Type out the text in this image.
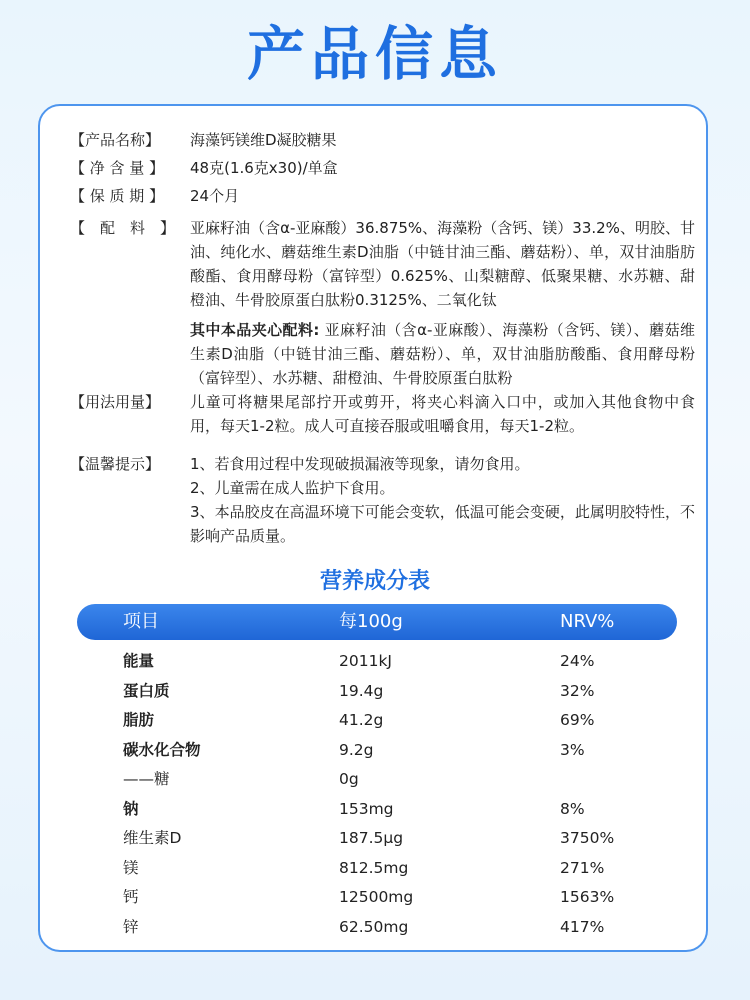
产品信息
【产品名称】	海藻钙镁维D凝胶糖果
【 净 含 量 】	48克(1.6克x30)/单盒
【 保 质 期 】	24个月
【　配　料　】 亚麻籽油（含α-亚麻酸）36.875%、海藻粉（含钙、镁）33.2%、明胶、甘油、纯化水、蘑菇维生素D油脂（中链甘油三酯、蘑菇粉）、单，双甘油脂肪酸酯、食用酵母粉（富锌型）0.625%、山梨糖醇、低聚果糖、水苏糖、甜橙油、牛骨胶原蛋白肽粉0.3125%、二氧化钛

其中本品夹心配料: 亚麻籽油（含α-亚麻酸）、海藻粉（含钙、镁）、蘑菇维生素D油脂（中链甘油三酯、蘑菇粉）、单，双甘油脂肪酸酯、食用酵母粉（富锌型）、水苏糖、甜橙油、牛骨胶原蛋白肽粉

【用法用量】	儿童可将糖果尾部拧开或剪开，将夹心料滴入口中，或加入其他食物中食用，每天1-2粒。成人可直接吞服或咀嚼食用，每天1-2粒。
【温馨提示】	1、若食用过程中发现破损漏液等现象，请勿食用。

2、儿童需在成人监护下食用。

3、本品胶皮在高温环境下可能会变软，低温可能会变硬，此属明胶特性，不影响产品质量。

营养成分表
项目	每100g	NRV%
能量	2011kJ	24%
蛋白质	19.4g	32%
脂肪	41.2g	69%
碳水化合物	9.2g	3%
——糖	0g
钠	153mg	8%
维生素D	187.5μg	3750%
镁	812.5mg	271%
钙	12500mg	1563%
锌	62.50mg	417%
